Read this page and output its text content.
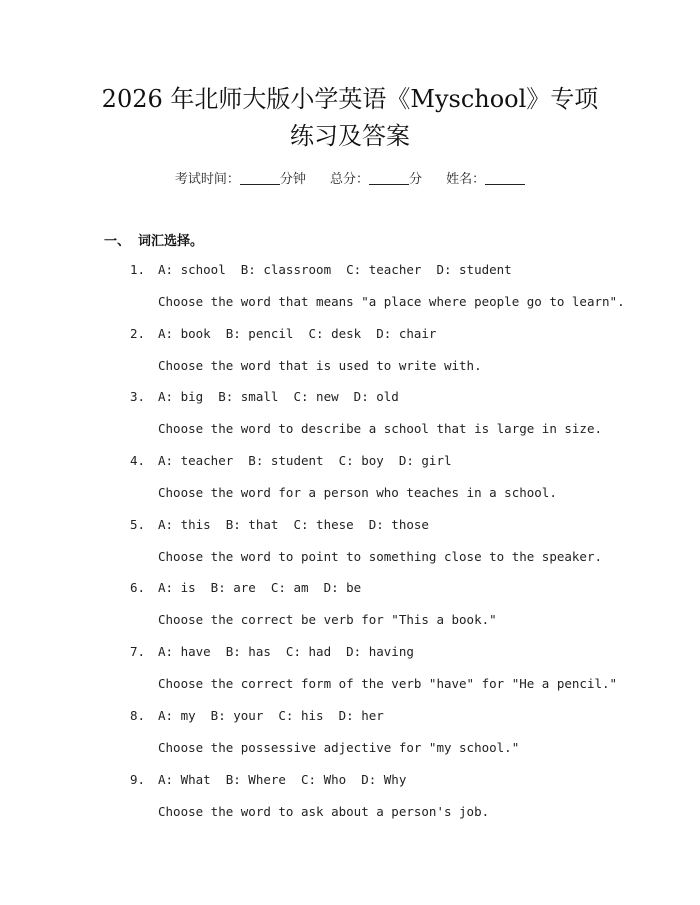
2026 年北师大版小学英语《Myschool》专项
练习及答案
考试时间：	分钟 总分：	分 姓名：
一、 词汇选择。
1.	A: school  B: classroom  C: teacher  D: student
Choose the word that means "a place where people go to learn".
2.	A: book  B: pencil  C: desk  D: chair
Choose the word that is used to write with.
3.	A: big  B: small  C: new  D: old
Choose the word to describe a school that is large in size.
4.	A: teacher  B: student  C: boy  D: girl
Choose the word for a person who teaches in a school.
5.	A: this  B: that  C: these  D: those
Choose the word to point to something close to the speaker.
6.	A: is  B: are  C: am  D: be
Choose the correct be verb for "This a book."
7.	A: have  B: has  C: had  D: having
Choose the correct form of the verb "have" for "He a pencil."
8.	A: my  B: your  C: his  D: her
Choose the possessive adjective for "my school."
9.	A: What  B: Where  C: Who  D: Why
Choose the word to ask about a person's job.
